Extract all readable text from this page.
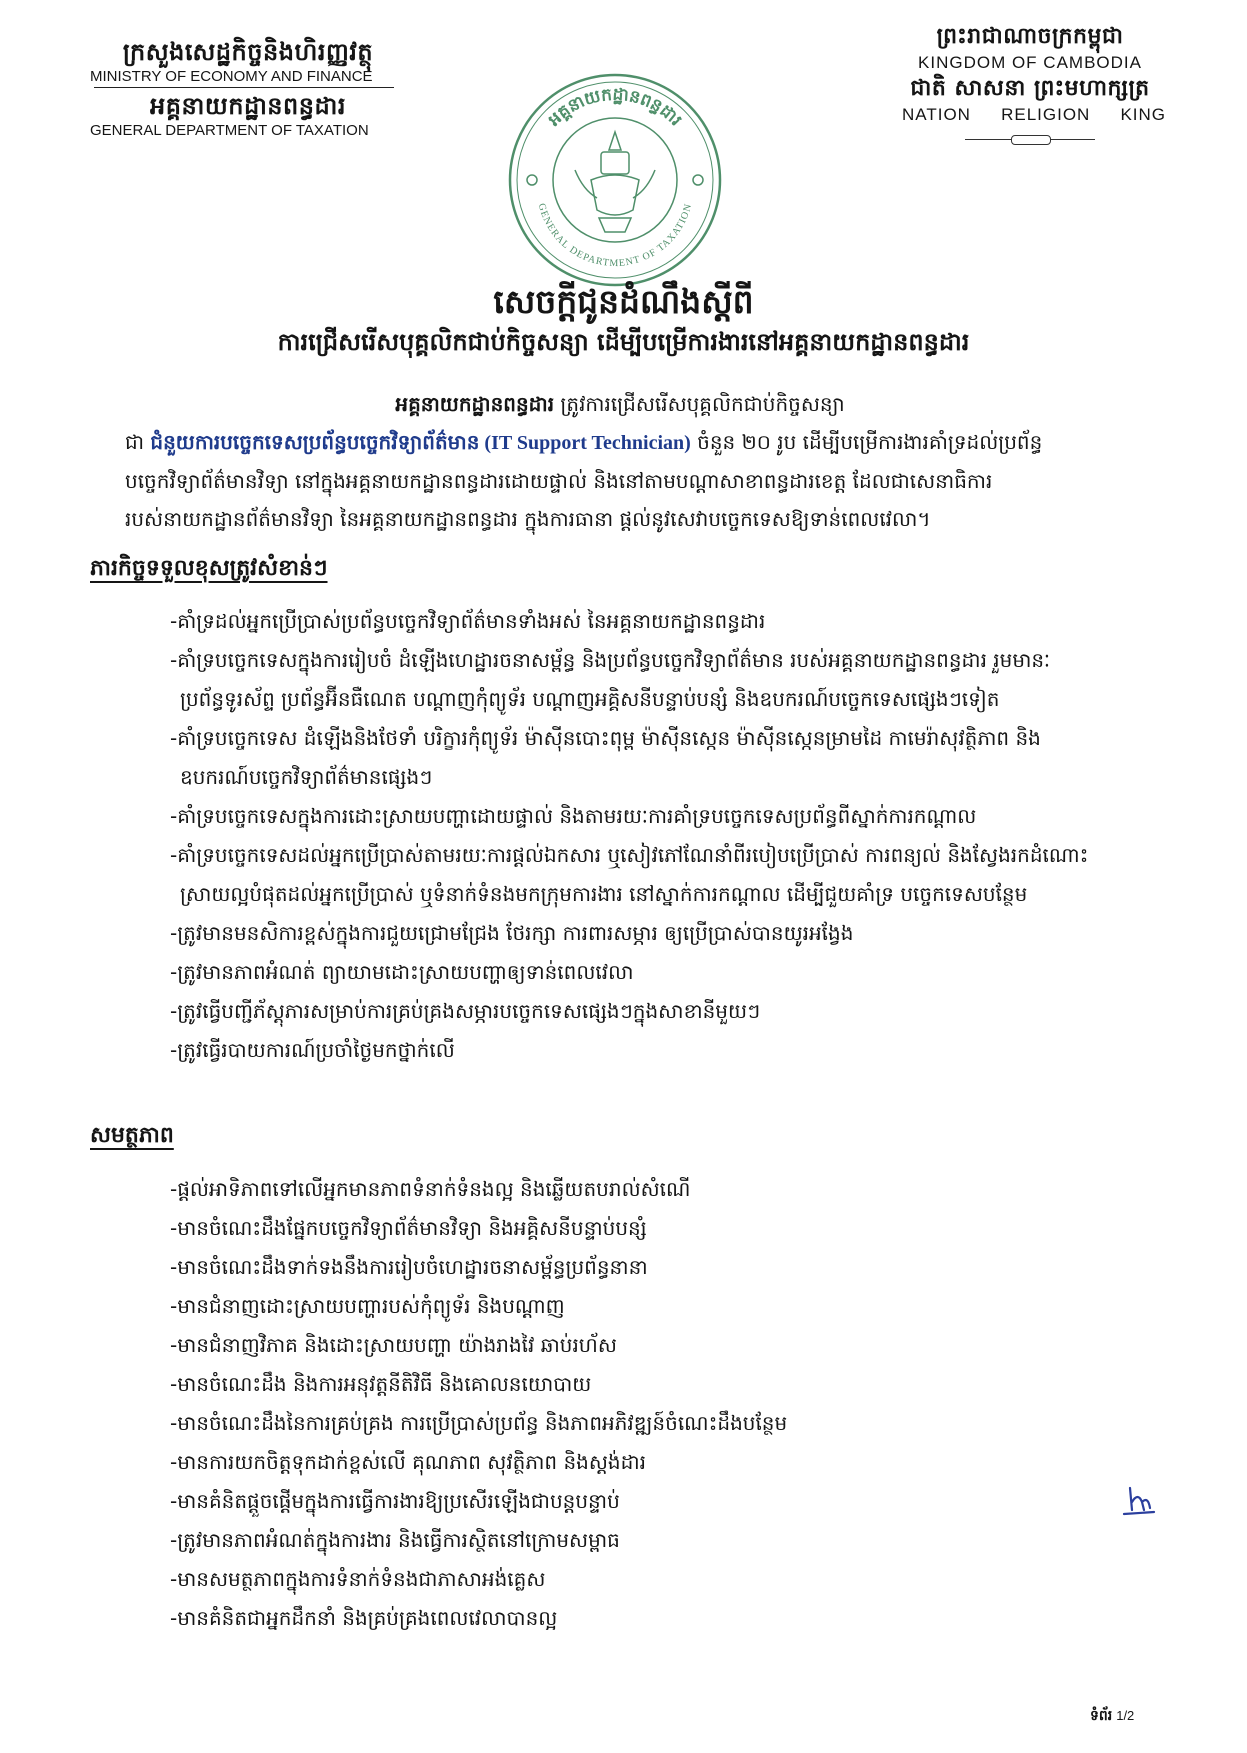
ក្រសួងសេដ្ឋកិច្ចនិងហិរញ្ញវត្ថុ
MINISTRY OF ECONOMY AND FINANCE
អគ្គនាយកដ្ឋានពន្ធដារ
GENERAL DEPARTMENT OF TAXATION
ព្រះរាជាណាចក្រកម្ពុជា
KINGDOM OF CAMBODIA
ជាតិ សាសនា ព្រះមហាក្សត្រ
NATION RELIGION KING
អគ្គនាយកដ្ឋានពន្ធដារ
GENERAL DEPARTMENT OF TAXATION
សេចក្តីជូនដំណឹងស្តីពី
ការជ្រើសរើសបុគ្គលិកជាប់កិច្ចសន្យា ដើម្បីបម្រើការងារនៅអគ្គនាយកដ្ឋានពន្ធដារ
អគ្គនាយកដ្ឋានពន្ធដារ ត្រូវការជ្រើសរើសបុគ្គលិកជាប់កិច្ចសន្យា
ជា ជំនួយការបច្ចេកទេសប្រព័ន្ធបច្ចេកវិទ្យាព័ត៌មាន (IT Support Technician) ចំនួន ២០ រូប ដើម្បីបម្រើការងារគាំទ្រដល់ប្រព័ន្ធ
បច្ចេកវិទ្យាព័ត៌មានវិទ្យា នៅក្នុងអគ្គនាយកដ្ឋានពន្ធដារដោយផ្ទាល់ និងនៅតាមបណ្តាសាខាពន្ធដារខេត្ត ដែលជាសេនាធិការ
របស់នាយកដ្ឋានព័ត៌មានវិទ្យា នៃអគ្គនាយកដ្ឋានពន្ធដារ ក្នុងការធានា ផ្តល់នូវសេវាបច្ចេកទេសឱ្យទាន់ពេលវេលា។
ភារកិច្ចទទួលខុសត្រូវសំខាន់ៗ
-គាំទ្រដល់អ្នកប្រើប្រាស់ប្រព័ន្ធបច្ចេកវិទ្យាព័ត៌មានទាំងអស់ នៃអគ្គនាយកដ្ឋានពន្ធដារ
-គាំទ្របច្ចេកទេសក្នុងការរៀបចំ ដំឡើងហេដ្ឋារចនាសម្ព័ន្ធ និងប្រព័ន្ធបច្ចេកវិទ្យាព័ត៌មាន របស់អគ្គនាយកដ្ឋានពន្ធដារ រួមមានៈ
ប្រព័ន្ធទូរស័ព្ទ ប្រព័ន្ធអ៊ីនធឺណេត បណ្តាញកុំព្យូទ័រ បណ្តាញអគ្គិសនីបន្ទាប់បន្សំ និងឧបករណ៍បច្ចេកទេសផ្សេងៗទៀត
-គាំទ្របច្ចេកទេស ដំឡើងនិងថែទាំ បរិក្ខារកុំព្យូទ័រ ម៉ាស៊ីនបោះពុម្ព ម៉ាស៊ីនស្កេន ម៉ាស៊ីនស្កេនម្រាមដៃ កាមេរ៉ាសុវត្ថិភាព និង
ឧបករណ៍បច្ចេកវិទ្យាព័ត៌មានផ្សេងៗ
-គាំទ្របច្ចេកទេសក្នុងការដោះស្រាយបញ្ហាដោយផ្ទាល់ និងតាមរយៈការគាំទ្របច្ចេកទេសប្រព័ន្ធពីស្នាក់ការកណ្តាល
-គាំទ្របច្ចេកទេសដល់អ្នកប្រើប្រាស់តាមរយៈការផ្តល់ឯកសារ ឬសៀវភៅណែនាំពីរបៀបប្រើប្រាស់ ការពន្យល់ និងស្វែងរកដំណោះ
ស្រាយល្អបំផុតដល់អ្នកប្រើប្រាស់ ឬទំនាក់ទំនងមកក្រុមការងារ នៅស្នាក់ការកណ្តាល ដើម្បីជួយគាំទ្រ បច្ចេកទេសបន្ថែម
-ត្រូវមានមនសិការខ្ពស់ក្នុងការជួយជ្រោមជ្រែង ថែរក្សា ការពារសម្ភារ ឲ្យប្រើប្រាស់បានយូរអង្វែង
-ត្រូវមានភាពអំណត់ ព្យាយាមដោះស្រាយបញ្ហាឲ្យទាន់ពេលវេលា
-ត្រូវធ្វើបញ្ជីភ័ស្តុភារសម្រាប់ការគ្រប់គ្រងសម្ភារបច្ចេកទេសផ្សេងៗក្នុងសាខានីមួយៗ
-ត្រូវធ្វើរបាយការណ៍ប្រចាំថ្ងៃមកថ្នាក់លើ
សមត្ថភាព
-ផ្តល់អាទិភាពទៅលើអ្នកមានភាពទំនាក់ទំនងល្អ និងឆ្លើយតបរាល់សំណើ
-មានចំណេះដឹងផ្នែកបច្ចេកវិទ្យាព័ត៌មានវិទ្យា និងអគ្គិសនីបន្ទាប់បន្សំ
-មានចំណេះដឹងទាក់ទងនឹងការរៀបចំហេដ្ឋារចនាសម្ព័ន្ធប្រព័ន្ធនានា
-មានជំនាញដោះស្រាយបញ្ហារបស់កុំព្យូទ័រ និងបណ្តាញ
-មានជំនាញវិភាគ និងដោះស្រាយបញ្ហា យ៉ាងរាងវៃ ឆាប់រហ័ស
-មានចំណេះដឹង និងការអនុវត្តនីតិវិធី និងគោលនយោបាយ
-មានចំណេះដឹងនៃការគ្រប់គ្រង ការប្រើប្រាស់ប្រព័ន្ធ និងភាពអភិវឌ្ឍន៍ចំណេះដឹងបន្ថែម
-មានការយកចិត្តទុកដាក់ខ្ពស់លើ គុណភាព សុវត្ថិភាព និងស្តង់ដារ
-មានគំនិតផ្តួចផ្តើមក្នុងការធ្វើការងារឱ្យប្រសើរឡើងជាបន្តបន្ទាប់
-ត្រូវមានភាពអំណត់ក្នុងការងារ និងធ្វើការស្ថិតនៅក្រោមសម្ពាធ
-មានសមត្ថភាពក្នុងការទំនាក់ទំនងជាភាសាអង់គ្លេស
-មានគំនិតជាអ្នកដឹកនាំ និងគ្រប់គ្រងពេលវេលាបានល្អ
ទំព័រ 1/2
